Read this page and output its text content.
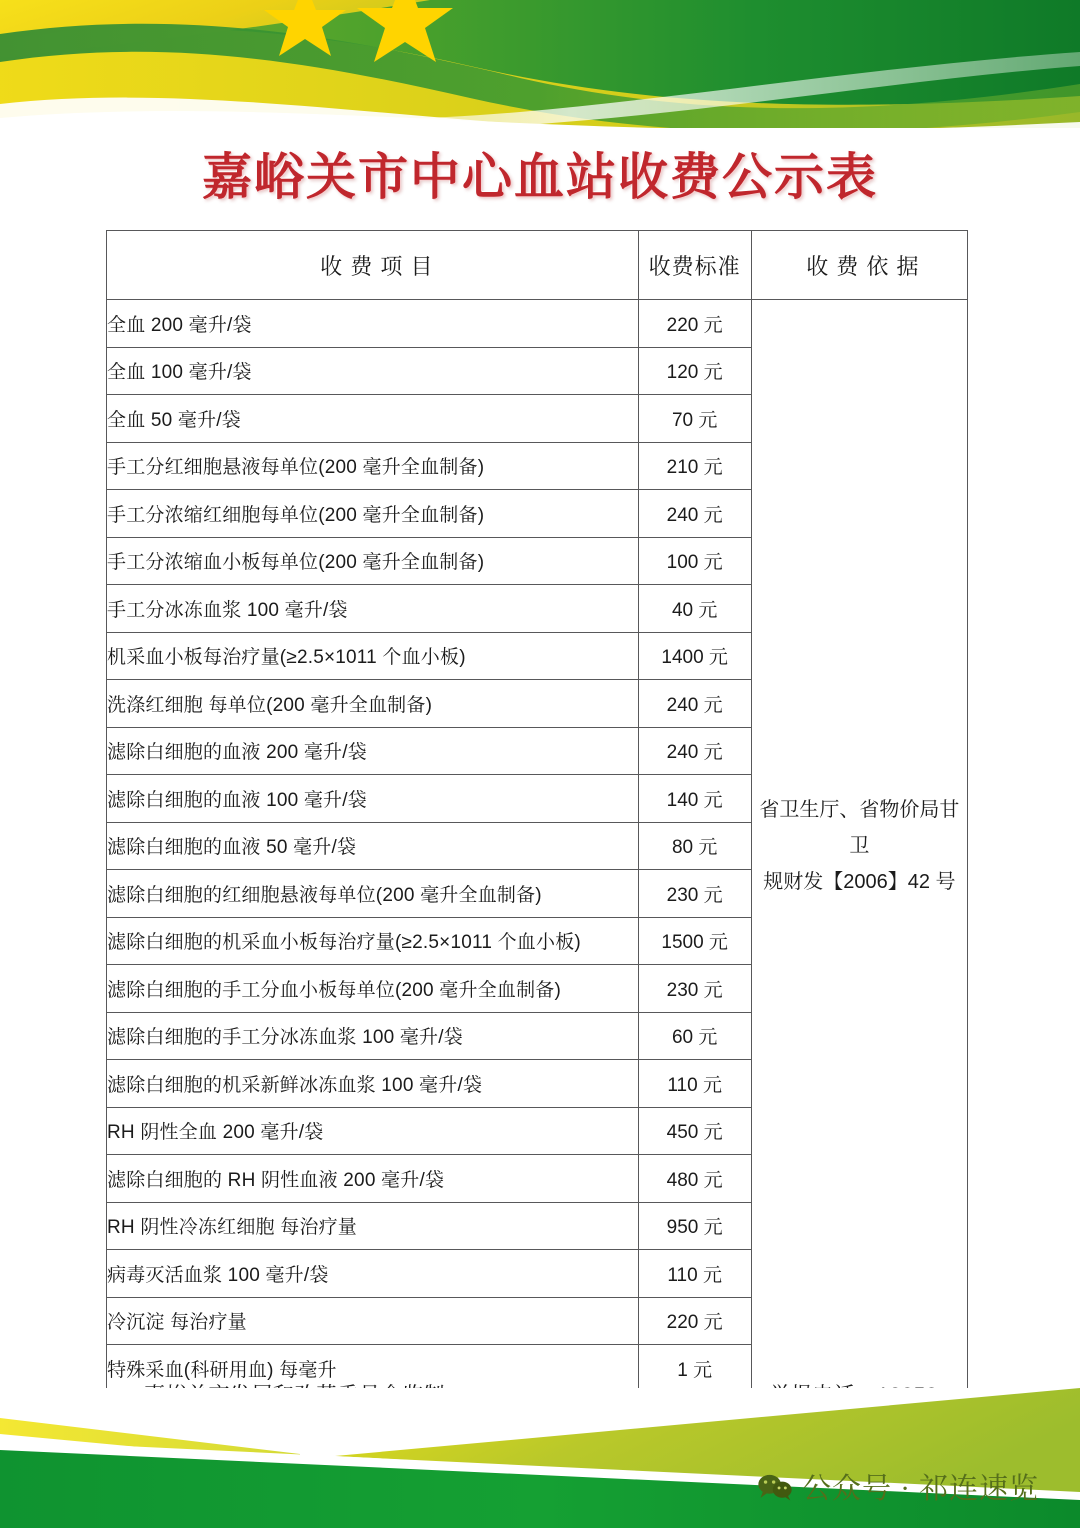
嘉峪关市中心血站收费公示表
收 费 项 目	收费标准	收 费 依 据
全血 200 毫升/袋	220 元	省卫生厅、省物价局甘卫
规财发【2006】42 号

全血 100 毫升/袋	120 元	
全血 50 毫升/袋	70 元	
手工分红细胞悬液每单位(200 毫升全血制备)	210 元	
手工分浓缩红细胞每单位(200 毫升全血制备)	240 元	
手工分浓缩血小板每单位(200 毫升全血制备)	100 元	
手工分冰冻血浆 100 毫升/袋	40 元	
机采血小板每治疗量(≥2.5×1011 个血小板)	1400 元	
洗涤红细胞 每单位(200 毫升全血制备)	240 元	
滤除白细胞的血液 200 毫升/袋	240 元	
滤除白细胞的血液 100 毫升/袋	140 元	
滤除白细胞的血液 50 毫升/袋	80 元	
滤除白细胞的红细胞悬液每单位(200 毫升全血制备)	230 元	
滤除白细胞的机采血小板每治疗量(≥2.5×1011 个血小板)	1500 元	
滤除白细胞的手工分血小板每单位(200 毫升全血制备)	230 元	
滤除白细胞的手工分冰冻血浆 100 毫升/袋	60 元	
滤除白细胞的机采新鲜冰冻血浆 100 毫升/袋	110 元	
RH 阴性全血 200 毫升/袋	450 元	
滤除白细胞的 RH 阴性血液 200 毫升/袋	480 元	
RH 阴性冷冻红细胞 每治疗量	950 元	
病毒灭活血浆 100 毫升/袋	110 元	
冷沉淀 每治疗量	220 元	
特殊采血(科研用血) 每毫升	1 元	
公众号 · 祁连速览
